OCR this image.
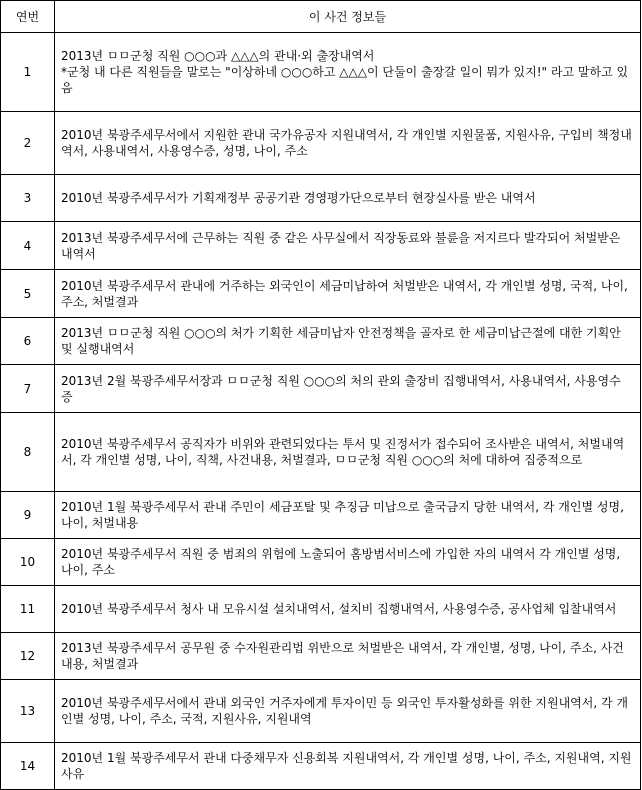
연번	이 사건 정보들
1	2013년 ㅁㅁ군청 직원 ○○○과 △△△의 관내·외 출장내역서
*군청 내 다른 직원들을 말로는 "이상하네 ○○○하고 △△△이 단둘이 출장갈 일이 뭐가 있지!" 라고 말하고 있음

2	2010년 북광주세무서에서 지원한 관내 국가유공자 지원내역서, 각 개인별 지원물품, 지원사유, 구입비 책정내역서, 사용내역서, 사용영수증, 성명, 나이, 주소

3	2010년 북광주세무서가 기획재정부 공공기관 경영평가단으로부터 현장실사를 받은 내역서

4	2013년 북광주세무서에 근무하는 직원 중 같은 사무실에서 직장동료와 불륜을 저지르다 발각되어 처벌받은 내역서

5	2010년 북광주세무서 관내에 거주하는 외국인이 세금미납하여 처벌받은 내역서, 각 개인별 성명, 국적, 나이, 주소, 처벌결과

6	2013년 ㅁㅁ군청 직원 ○○○의 처가 기획한 세금미납자 안전정책을 골자로 한 세금미납근절에 대한 기획안 및 실행내역서

7	2013년 2월 북광주세무서장과 ㅁㅁ군청 직원 ○○○의 처의 관외 출장비 집행내역서, 사용내역서, 사용영수증

8	2010년 북광주세무서 공직자가 비위와 관련되었다는 투서 및 진정서가 접수되어 조사받은 내역서, 처벌내역서, 각 개인별 성명, 나이, 직책, 사건내용, 처벌결과, ㅁㅁ군청 직원 ○○○의 처에 대하여 집중적으로

9	2010년 1월 북광주세무서 관내 주민이 세금포탈 및 추징금 미납으로 출국금지 당한 내역서, 각 개인별 성명, 나이, 처벌내용

10	2010년 북광주세무서 직원 중 범죄의 위험에 노출되어 홈방범서비스에 가입한 자의 내역서 각 개인별 성명, 나이, 주소

11	2010년 북광주세무서 청사 내 모유시설 설치내역서, 설치비 집행내역서, 사용영수증, 공사업체 입찰내역서

12	2013년 북광주세무서 공무원 중 수자원관리법 위반으로 처벌받은 내역서, 각 개인별, 성명, 나이, 주소, 사건내용, 처벌결과

13	2010년 북광주세무서에서 관내 외국인 거주자에게 투자이민 등 외국인 투자활성화를 위한 지원내역서, 각 개인별 성명, 나이, 주소, 국적, 지원사유, 지원내역

14	2010년 1월 북광주세무서 관내 다중채무자 신용회복 지원내역서, 각 개인별 성명, 나이, 주소, 지원내역, 지원사유
